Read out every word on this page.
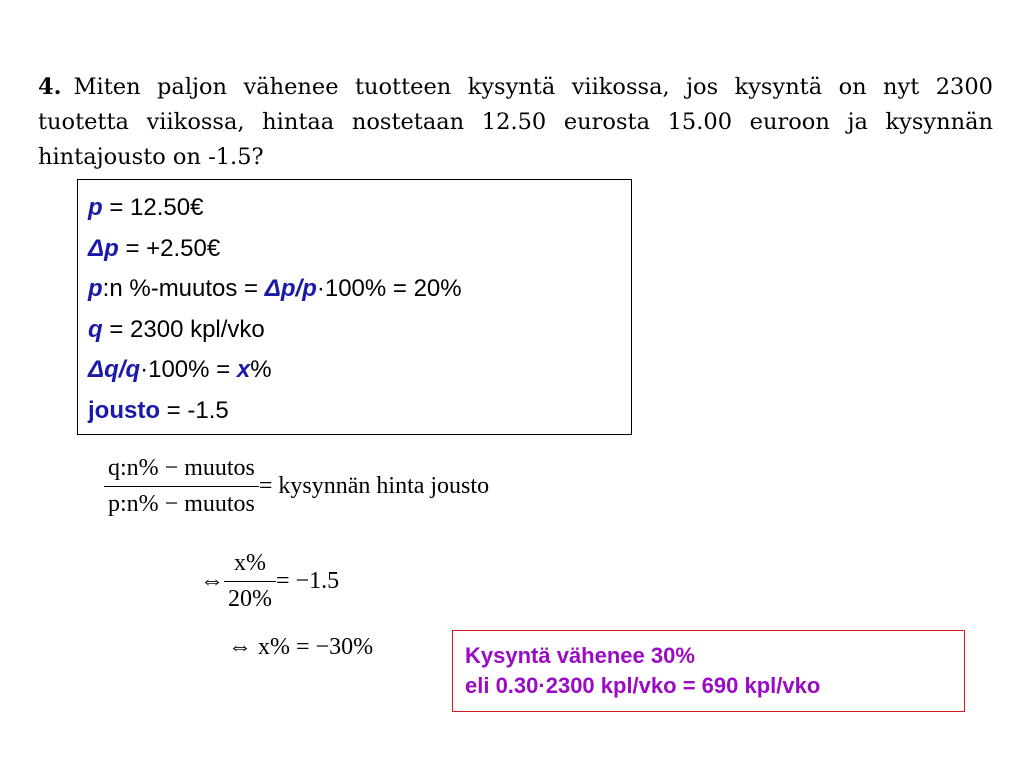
4. Miten paljon vähenee tuotteen kysyntä viikossa, jos kysyntä on nyt 2300 tuotetta viikossa, hintaa nostetaan 12.50 eurosta 15.00 euroon ja kysynnän hintajousto on -1.5?
p = 12.50€
Δp = +2.50€
p:n %-muutos = Δp/p·100% = 20%
q = 2300 kpl/vko
Δq/q·100% = x%
jousto = -1.5
$\frac{\text{q:n\% − muutos}}{\text{p:n\% − muutos}}$ = kysynnän hinta jousto
⇔ $\frac{x\%}{20\%} = -1.5$
⇔ x% = −30%	Kysyntä vähenee 30%
eli 0.30·2300 kpl/vko = 690 kpl/vko
